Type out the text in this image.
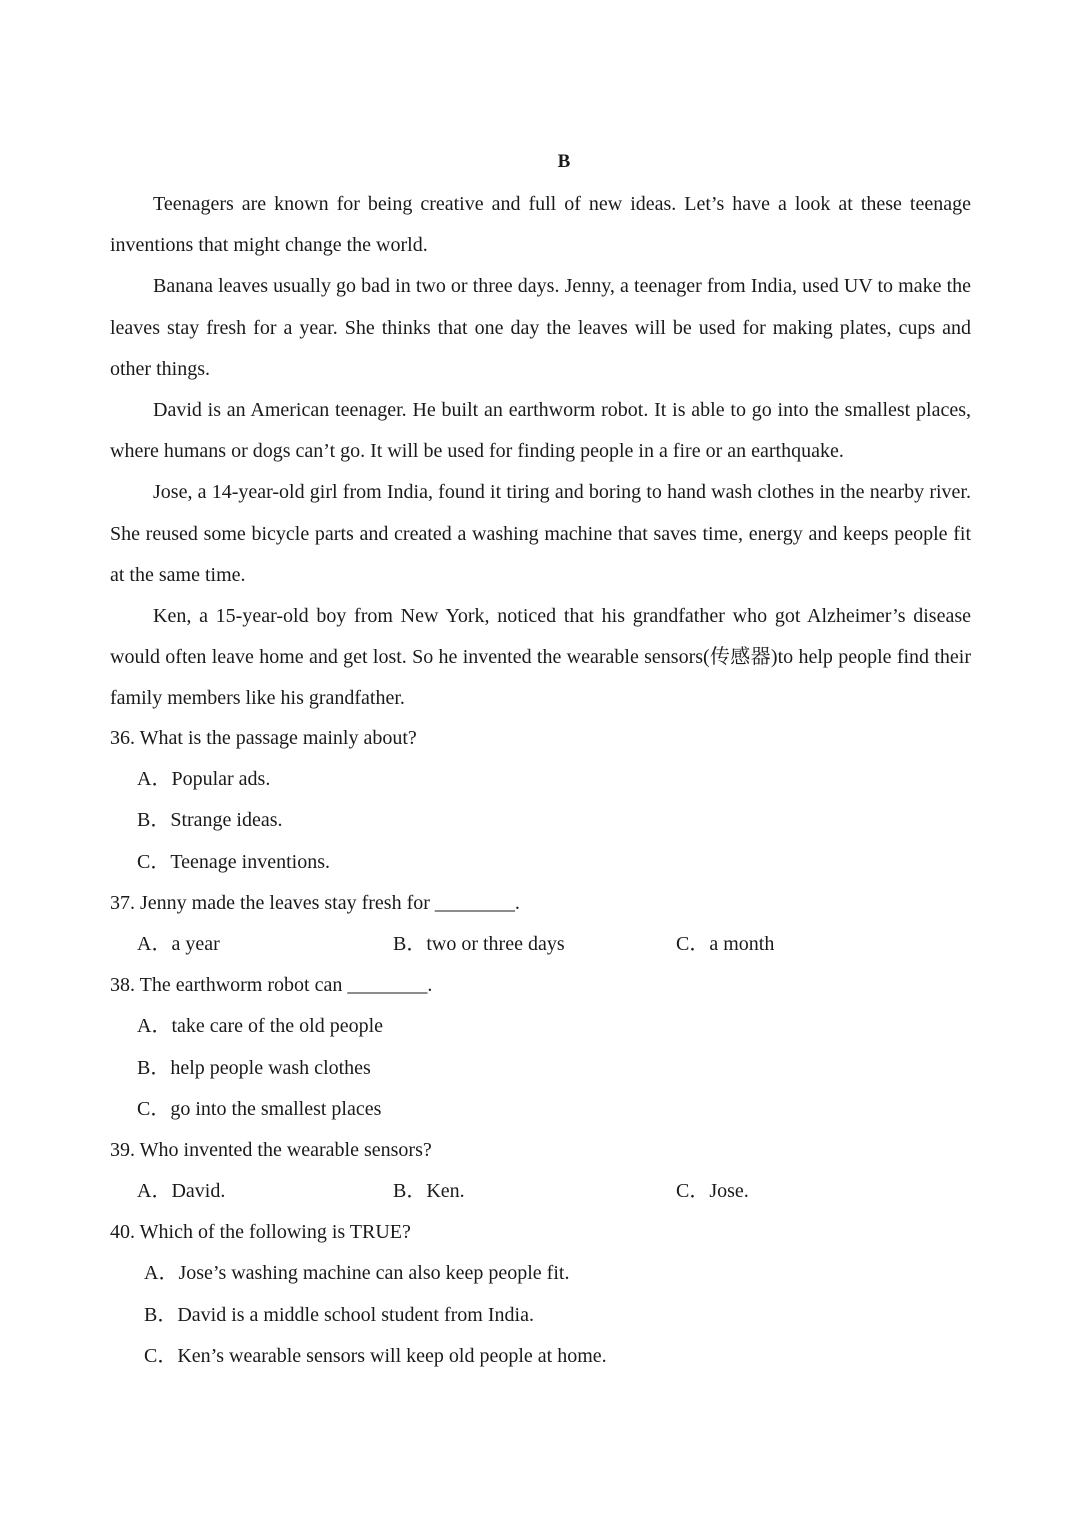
B

Teenagers are known for being creative and full of new ideas. Let’s have a look at these teenage inventions that might change the world.

Banana leaves usually go bad in two or three days. Jenny, a teenager from India, used UV to make the leaves stay fresh for a year. She thinks that one day the leaves will be used for making plates, cups and other things.

David is an American teenager. He built an earthworm robot. It is able to go into the smallest places, where humans or dogs can’t go. It will be used for finding people in a fire or an earthquake.

Jose, a 14-year-old girl from India, found it tiring and boring to hand wash clothes in the nearby river. She reused some bicycle parts and created a washing machine that saves time, energy and keeps people fit at the same time.

Ken, a 15-year-old boy from New York, noticed that his grandfather who got Alzheimer’s disease would often leave home and get lost. So he invented the wearable sensors(传感器)to help people find their family members like his grandfather.

36. What is the passage mainly about?
A．Popular ads.
B．Strange ideas.
C．Teenage inventions.
37. Jenny made the leaves stay fresh for ________.
A．a year	B．two or three days	C．a month
38. The earthworm robot can ________.
A．take care of the old people
B．help people wash clothes
C．go into the smallest places
39. Who invented the wearable sensors?
A．David.	B．Ken.	C．Jose.
40. Which of the following is TRUE?
A．Jose’s washing machine can also keep people fit.
B．David is a middle school student from India.
C．Ken’s wearable sensors will keep old people at home.
